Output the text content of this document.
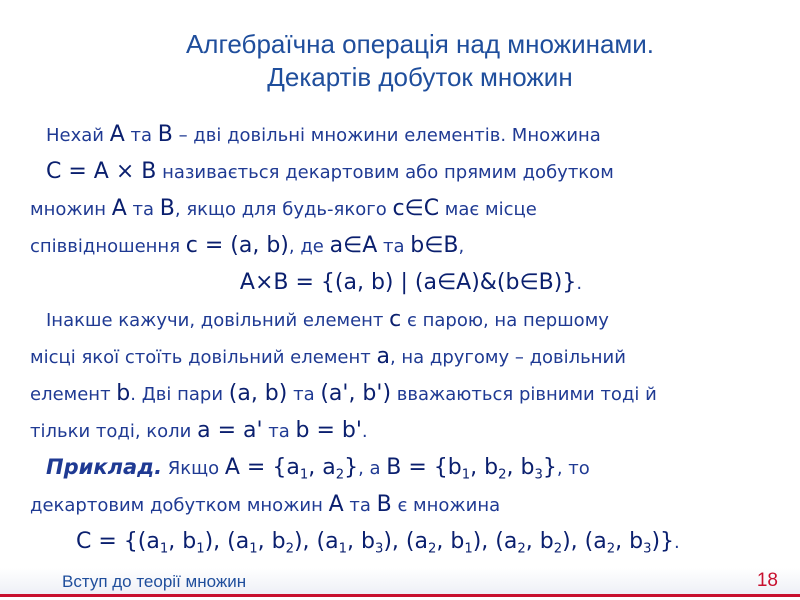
Алгебраїчна операція над множинами.
Декартів добуток множин
Нехай A та B – дві довільні множини елементів. Множина
C = A × B називається декартовим або прямим добутком
множин A та B, якщо для будь-якого c∈C має місце
співвідношення c = (a, b), де a∈A та b∈B,
A×B = {(a, b) | (a∈A)&(b∈B)}.
Інакше кажучи, довільний елемент c є парою, на першому
місці якої стоїть довільний елемент a, на другому – довільний
елемент b. Дві пари (a, b) та (a', b') вважаються рівними тоді й
тільки тоді, коли a = a' та b = b'.
Приклад. Якщо $A = \{a_1$, $a_2$}, а $B = \{b_1$, $b_2$, $b_3$}, то
декартовим добутком множин A та B є множина
$C = \{(a_1$, $b_1$), ($a_1$, $b_2$), ($a_1$, $b_3$), ($a_2$, $b_1$), ($a_2$, $b_2$), ($a_2$, $b_3$)}.
Вступ до теорії множин	18
